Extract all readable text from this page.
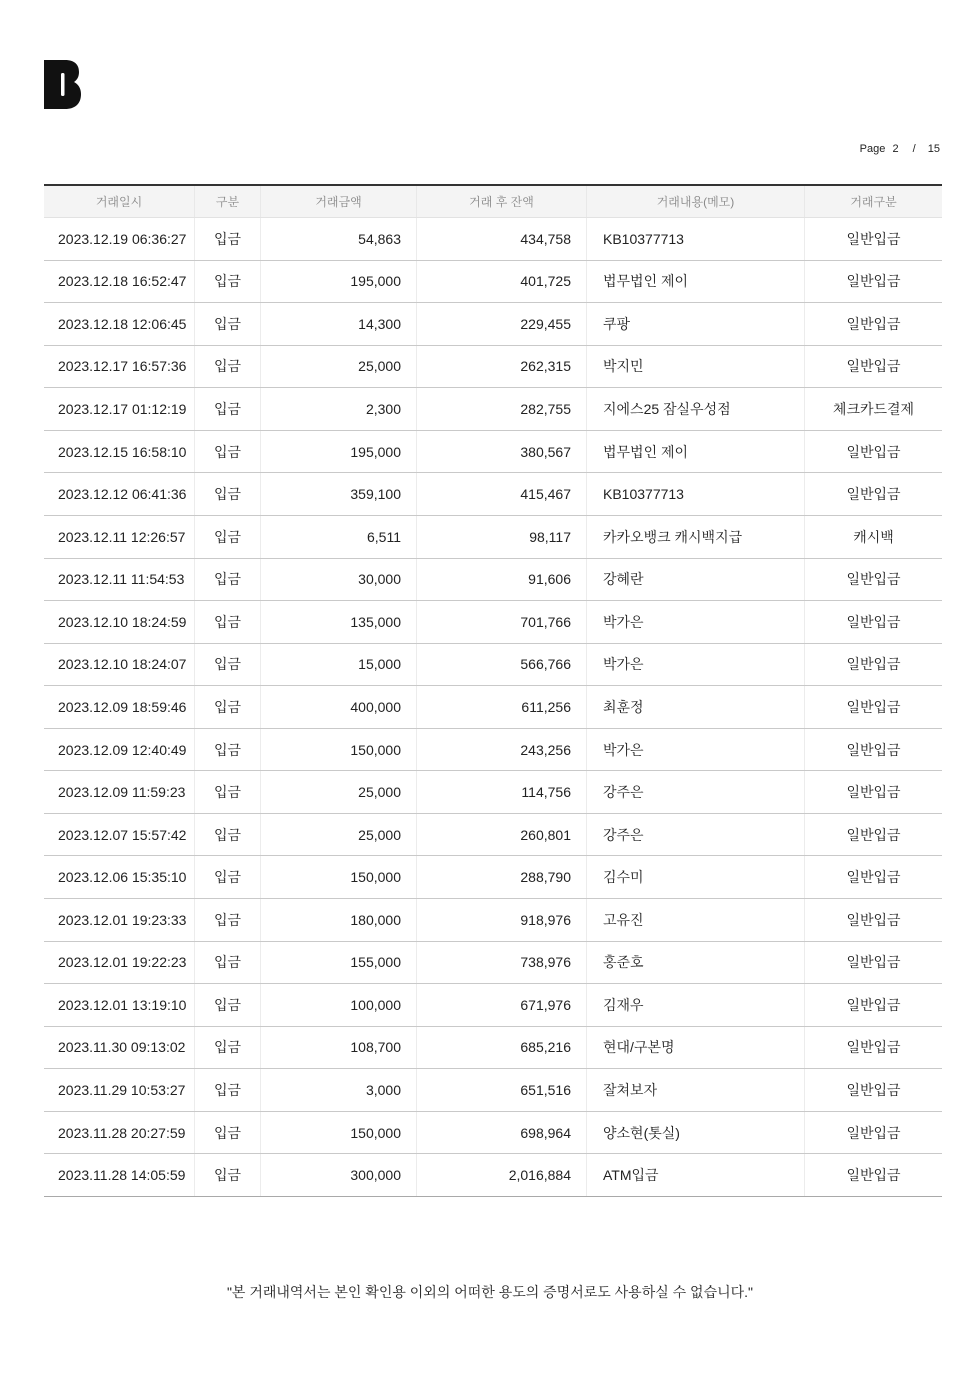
Page 2 / 15
거래일시	구분	거래금액	거래 후 잔액	거래내용(메모)	거래구분
2023.12.19 06:36:27	입금	54,863	434,758	KB10377713	일반입금
2023.12.18 16:52:47	입금	195,000	401,725	법무법인 제이	일반입금
2023.12.18 12:06:45	입금	14,300	229,455	쿠팡	일반입금
2023.12.17 16:57:36	입금	25,000	262,315	박지민	일반입금
2023.12.17 01:12:19	입금	2,300	282,755	지에스25 잠실우성점	체크카드결제
2023.12.15 16:58:10	입금	195,000	380,567	법무법인 제이	일반입금
2023.12.12 06:41:36	입금	359,100	415,467	KB10377713	일반입금
2023.12.11 12:26:57	입금	6,511	98,117	카카오뱅크 캐시백지급	캐시백
2023.12.11 11:54:53	입금	30,000	91,606	강혜란	일반입금
2023.12.10 18:24:59	입금	135,000	701,766	박가은	일반입금
2023.12.10 18:24:07	입금	15,000	566,766	박가은	일반입금
2023.12.09 18:59:46	입금	400,000	611,256	최훈정	일반입금
2023.12.09 12:40:49	입금	150,000	243,256	박가은	일반입금
2023.12.09 11:59:23	입금	25,000	114,756	강주은	일반입금
2023.12.07 15:57:42	입금	25,000	260,801	강주은	일반입금
2023.12.06 15:35:10	입금	150,000	288,790	김수미	일반입금
2023.12.01 19:23:33	입금	180,000	918,976	고유진	일반입금
2023.12.01 19:22:23	입금	155,000	738,976	홍준호	일반입금
2023.12.01 13:19:10	입금	100,000	671,976	김재우	일반입금
2023.11.30 09:13:02	입금	108,700	685,216	현대/구본명	일반입금
2023.11.29 10:53:27	입금	3,000	651,516	잘쳐보자	일반입금
2023.11.28 20:27:59	입금	150,000	698,964	양소현(톳실)	일반입금
2023.11.28 14:05:59	입금	300,000	2,016,884	ATM입금	일반입금
"본 거래내역서는 본인 확인용 이외의 어떠한 용도의 증명서로도 사용하실 수 없습니다."
